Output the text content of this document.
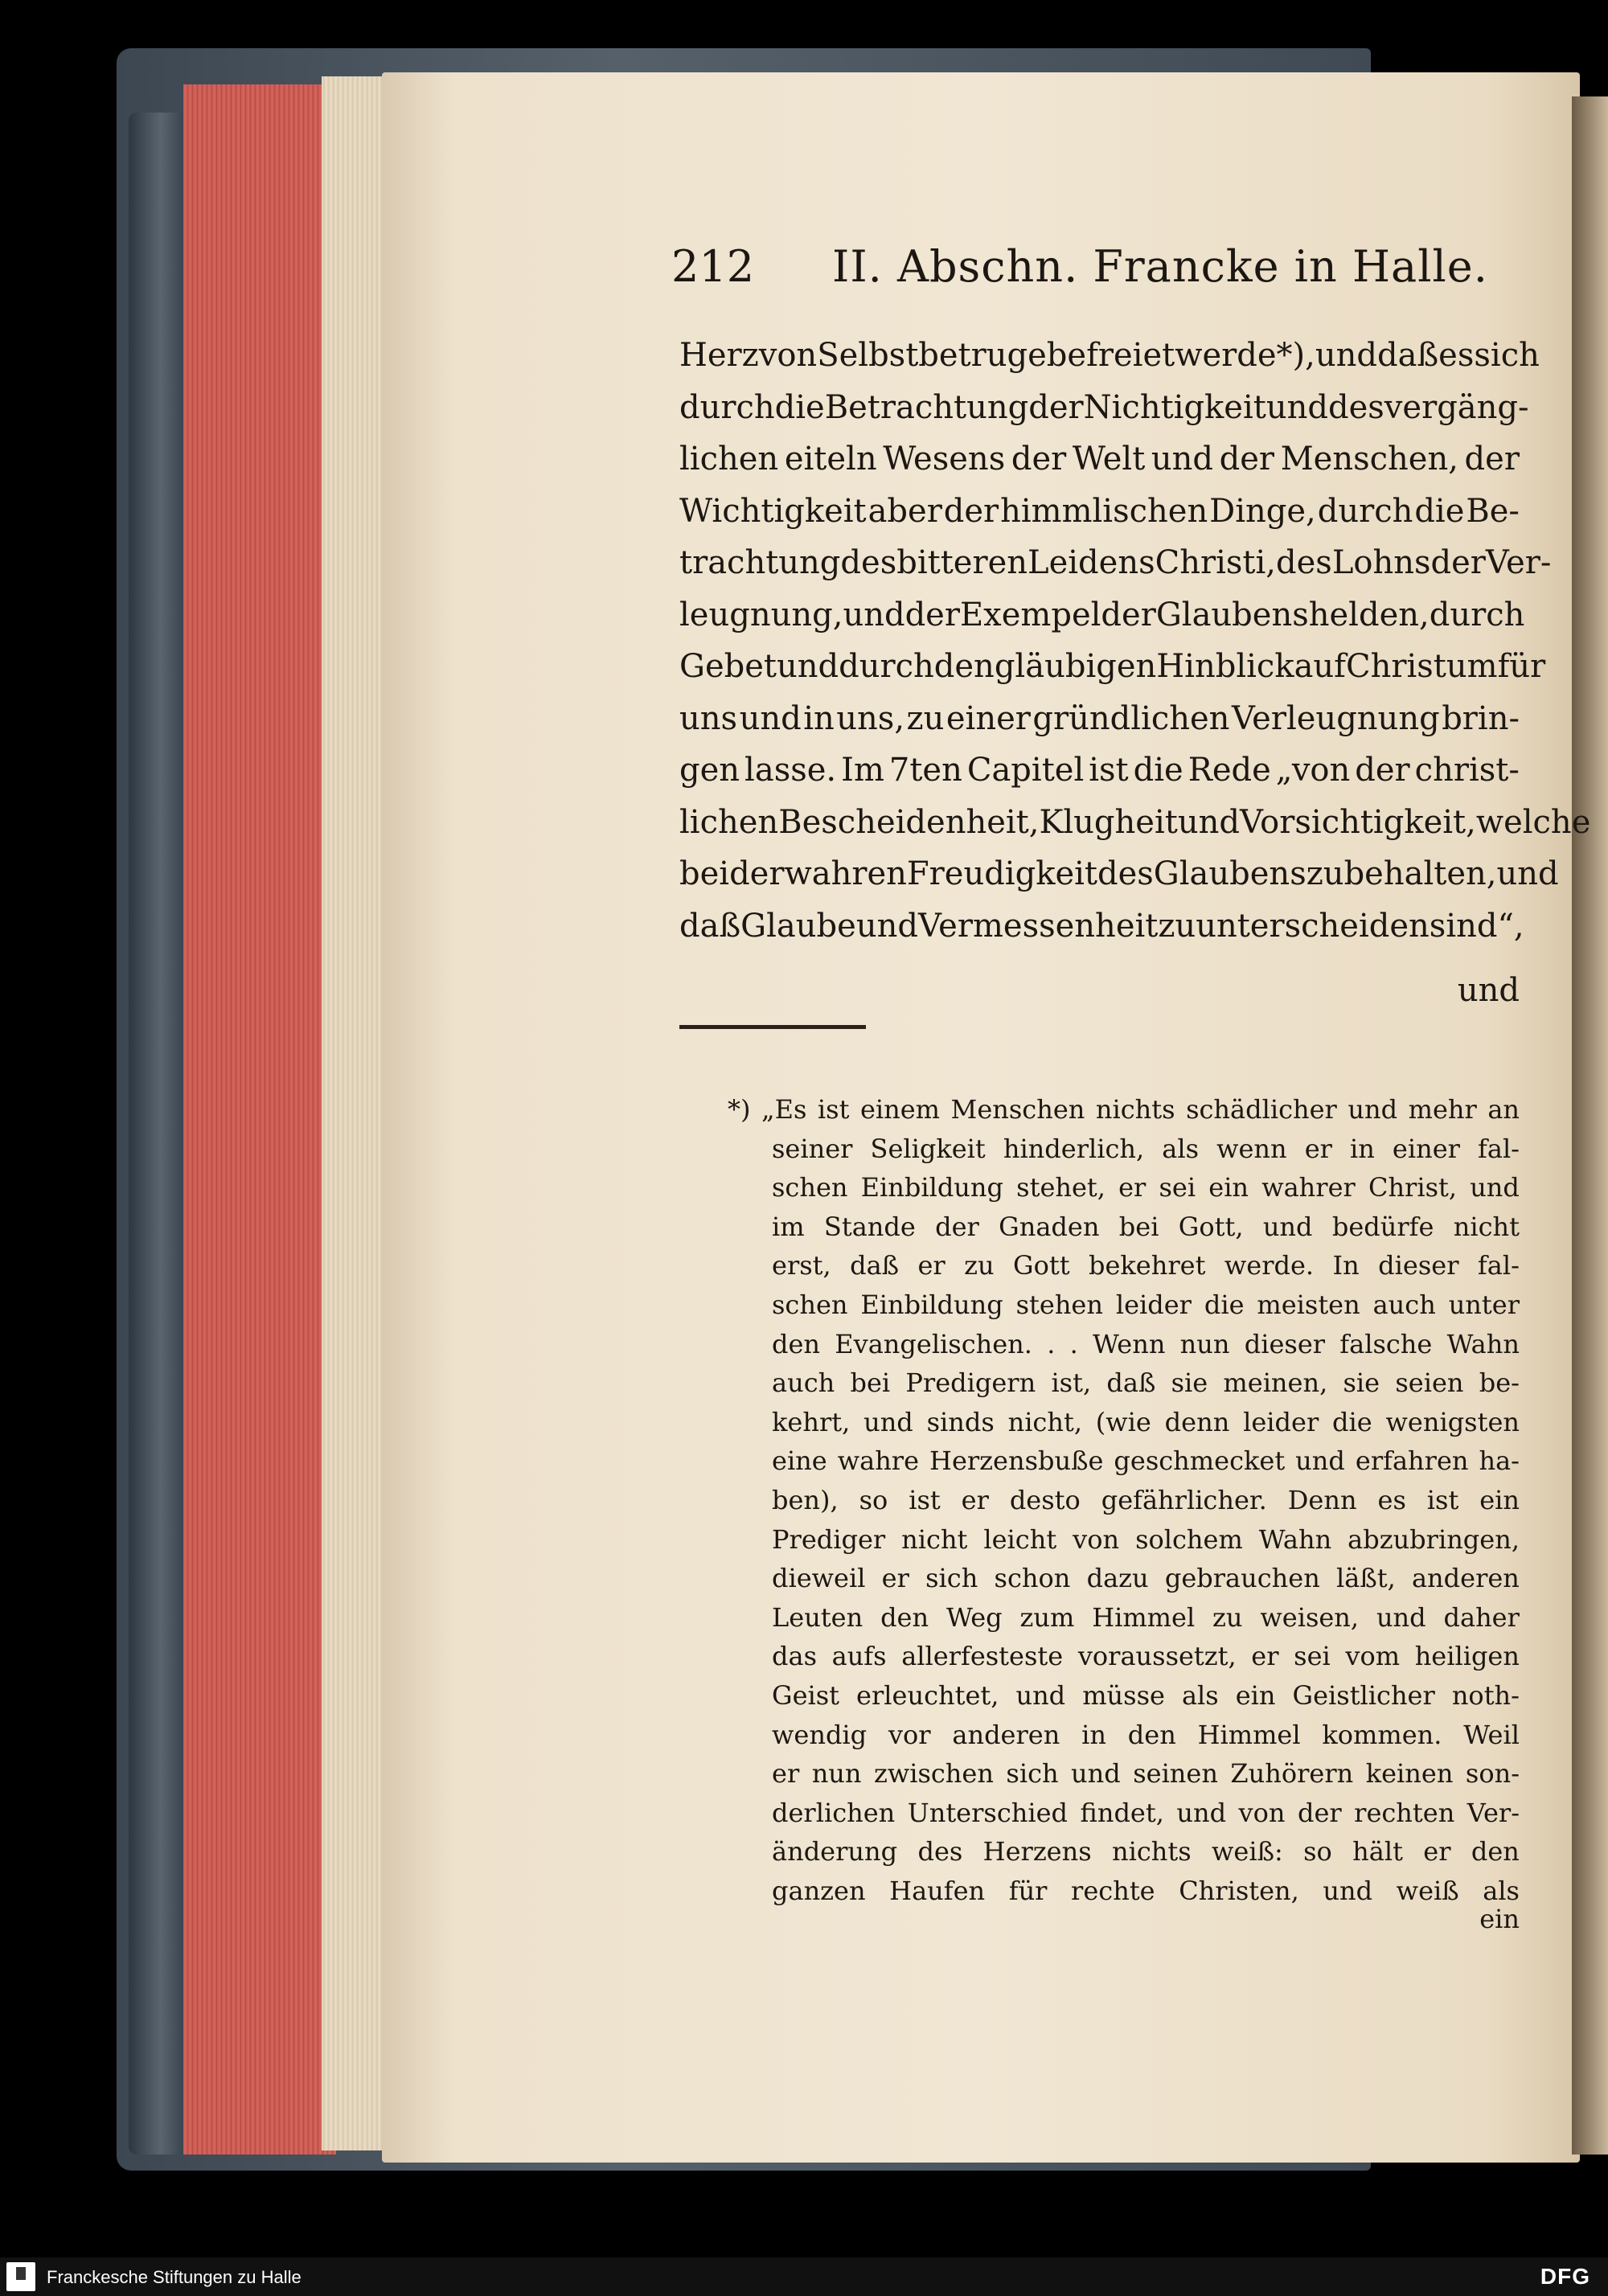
212 II. Abschn. Francke in Halle.
Herz von Selbstbetruge befreiet werde *), und daß es sich
durch die Betrachtung der Nichtigkeit und des vergäng-
lichen eiteln Wesens der Welt und der Menschen, der
Wichtigkeit aber der himmlischen Dinge, durch die Be-
trachtung des bitteren Leidens Christi, des Lohns der Ver-
leugnung, und der Exempel der Glaubenshelden, durch
Gebet und durch den gläubigen Hinblick auf Christum für
uns und in uns, zu einer gründlichen Verleugnung brin-
gen lasse. Im 7ten Capitel ist die Rede „von der christ-
lichen Bescheidenheit, Klugheit und Vorsichtigkeit, welche
bei der wahren Freudigkeit des Glaubens zu behalten, und
daß Glaube und Vermessenheit zu unterscheiden sind“,
und
*) „Es ist einem Menschen nichts schädlicher und mehr an
seiner Seligkeit hinderlich, als wenn er in einer fal-
schen Einbildung stehet, er sei ein wahrer Christ, und
im Stande der Gnaden bei Gott, und bedürfe nicht
erst, daß er zu Gott bekehret werde. In dieser fal-
schen Einbildung stehen leider die meisten auch unter
den Evangelischen. . . Wenn nun dieser falsche Wahn
auch bei Predigern ist, daß sie meinen, sie seien be-
kehrt, und sinds nicht, (wie denn leider die wenigsten
eine wahre Herzensbuße geschmecket und erfahren ha-
ben), so ist er desto gefährlicher. Denn es ist ein
Prediger nicht leicht von solchem Wahn abzubringen,
dieweil er sich schon dazu gebrauchen läßt, anderen
Leuten den Weg zum Himmel zu weisen, und daher
das aufs allerfesteste voraussetzt, er sei vom heiligen
Geist erleuchtet, und müsse als ein Geistlicher noth-
wendig vor anderen in den Himmel kommen. Weil
er nun zwischen sich und seinen Zuhörern keinen son-
derlichen Unterschied findet, und von der rechten Ver-
änderung des Herzens nichts weiß: so hält er den
ganzen Haufen für rechte Christen, und weiß als
ein
Franckesche Stiftungen zu Halle	DFG
